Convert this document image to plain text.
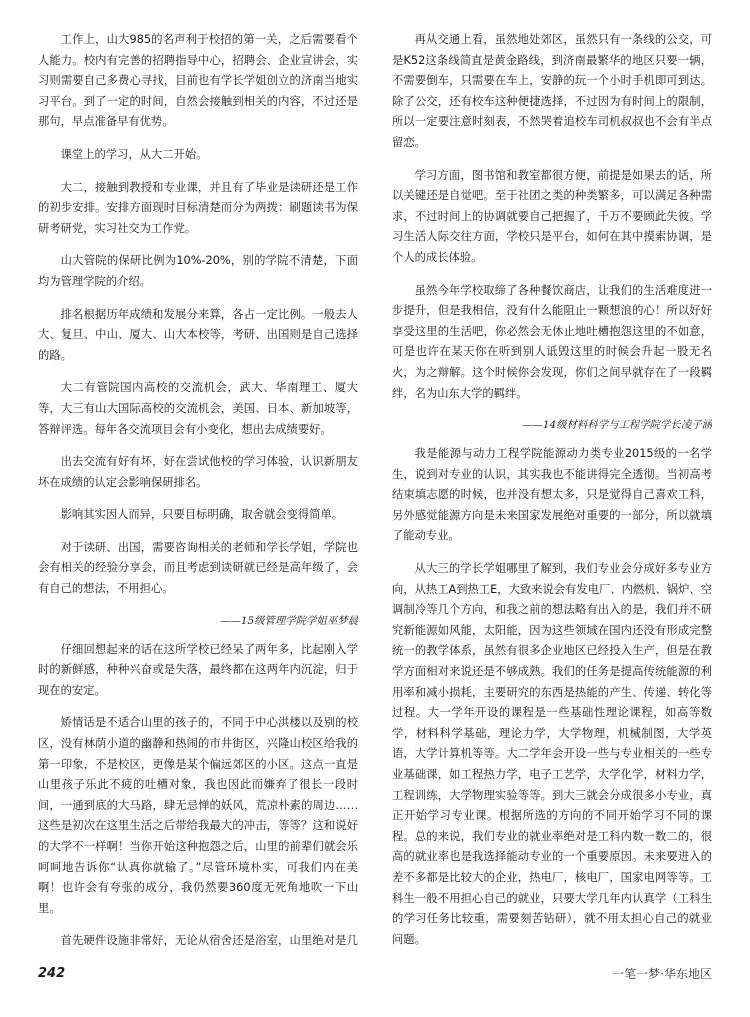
工作上，山大985的名声利于校招的第一关，之后需要看个人能力。校内有完善的招聘指导中心，招聘会、企业宣讲会，实习则需要自己多费心寻找，目前也有学长学姐创立的济南当地实习平台。到了一定的时间，自然会接触到相关的内容，不过还是那句，早点准备早有优势。

课堂上的学习，从大二开始。

大二，接触到教授和专业课，并且有了毕业是读研还是工作的初步安排。安排方面现时目标清楚而分为两拨：刷题读书为保研考研党，实习社交为工作党。

山大管院的保研比例为10%-20%，别的学院不清楚，下面均为管理学院的介绍。

排名根据历年成绩和发展分来算，各占一定比例。一般去人大、复旦、中山、厦大、山大本校等，考研、出国则是自己选择的路。

大二有管院国内高校的交流机会，武大、华南理工、厦大等，大三有山大国际高校的交流机会，美国、日本、新加坡等，答辩评选。每年各交流项目会有小变化，想出去成绩要好。

出去交流有好有坏，好在尝试他校的学习体验，认识新朋友坏在成绩的认定会影响保研排名。

影响其实因人而异，只要目标明确，取舍就会变得简单。

对于读研、出国，需要咨询相关的老师和学长学姐，学院也会有相关的经验分享会，而且考虑到读研就已经是高年级了，会有自己的想法，不用担心。

——15级管理学院学姐巫梦晨

仔细回想起来的话在这所学校已经呆了两年多，比起刚入学时的新鲜感，种种兴奋或是失落，最终都在这两年内沉淀，归于现在的安定。

矫情话是不适合山里的孩子的，不同于中心洪楼以及别的校区，没有林荫小道的幽静和热闹的市井街区，兴隆山校区给我的第一印象，不是校区，更像是某个偏远郊区的小区。这点一直是山里孩子乐此不疲的吐槽对象，我也因此而嫌弃了很长一段时间，一通到底的大马路，肆无忌惮的妖风，荒凉朴素的周边……这些是初次在这里生活之后带给我最大的冲击，等等？这和说好的大学不一样啊！当你开始这种抱怨之后，山里的前辈们就会乐呵呵地告诉你“认真你就输了。”尽管环境朴实，可我们内在美啊！也许会有夸张的成分，我仍然要360度无死角地吹一下山里。

首先硬件设施非常好，无论从宿舍还是浴室，山里绝对是几

再从交通上看，虽然地处郊区，虽然只有一条线的公交，可是K52这条线简直是黄金路线，到济南最繁华的地区只要一辆，不需要倒车，只需要在车上，安静的玩一个小时手机即可到达。除了公交，还有校车这种便捷选择，不过因为有时间上的限制，所以一定要注意时刻表，不然哭着追校车司机叔叔也不会有半点留恋。

学习方面，图书馆和教室都很方便，前提是如果去的话，所以关键还是自觉吧。至于社团之类的种类繁多，可以满足各种需求，不过时间上的协调就要自己把握了，千万不要顾此失彼。学习生活人际交往方面，学校只是平台，如何在其中摸索协调，是个人的成长体验。

虽然今年学校取缔了各种餐饮商店，让我们的生活难度进一步提升，但是我相信，没有什么能阻止一颗想浪的心！所以好好享受这里的生活吧，你必然会无休止地吐槽抱怨这里的不如意，可是也许在某天你在听到别人诋毁这里的时候会升起一股无名火，为之辩解。这个时候你会发现，你们之间早就存在了一段羁绊，名为山东大学的羁绊。

——14级材料科学与工程学院学长凌子涵

我是能源与动力工程学院能源动力类专业2015级的一名学生，说到对专业的认识，其实我也不能讲得完全透彻。当初高考结束填志愿的时候，也并没有想太多，只是觉得自己喜欢工科，另外感觉能源方向是未来国家发展绝对重要的一部分，所以就填了能动专业。

从大三的学长学姐哪里了解到，我们专业会分成好多专业方向，从热工A到热工E，大致来说会有发电厂、内燃机、锅炉、空调制冷等几个方向，和我之前的想法略有出入的是，我们并不研究新能源如风能，太阳能，因为这些领域在国内还没有形成完整统一的教学体系，虽然有很多企业地区已经投入生产，但是在教学方面相对来说还是不够成熟。我们的任务是提高传统能源的利用率和减小损耗，主要研究的东西是热能的产生、传递、转化等过程。大一学年开设的课程是一些基础性理论课程，如高等数学，材料科学基础，理论力学，大学物理，机械制图，大学英语，大学计算机等等。大二学年会开设一些与专业相关的一些专业基础课，如工程热力学，电子工艺学，大学化学，材料力学，工程训练，大学物理实验等等。到大三就会分成很多小专业，真正开始学习专业课。根据所选的方向的不同开始学习不同的课程。总的来说，我们专业的就业率绝对是工科内数一数二的，很高的就业率也是我选择能动专业的一个重要原因。未来要进入的差不多都是比较大的企业，热电厂，核电厂，国家电网等等。工科生一般不用担心自己的就业，只要大学几年内认真学（工科生的学习任务比较重，需要刻苦钻研），就不用太担心自己的就业问题。

242	一笔一梦·华东地区
